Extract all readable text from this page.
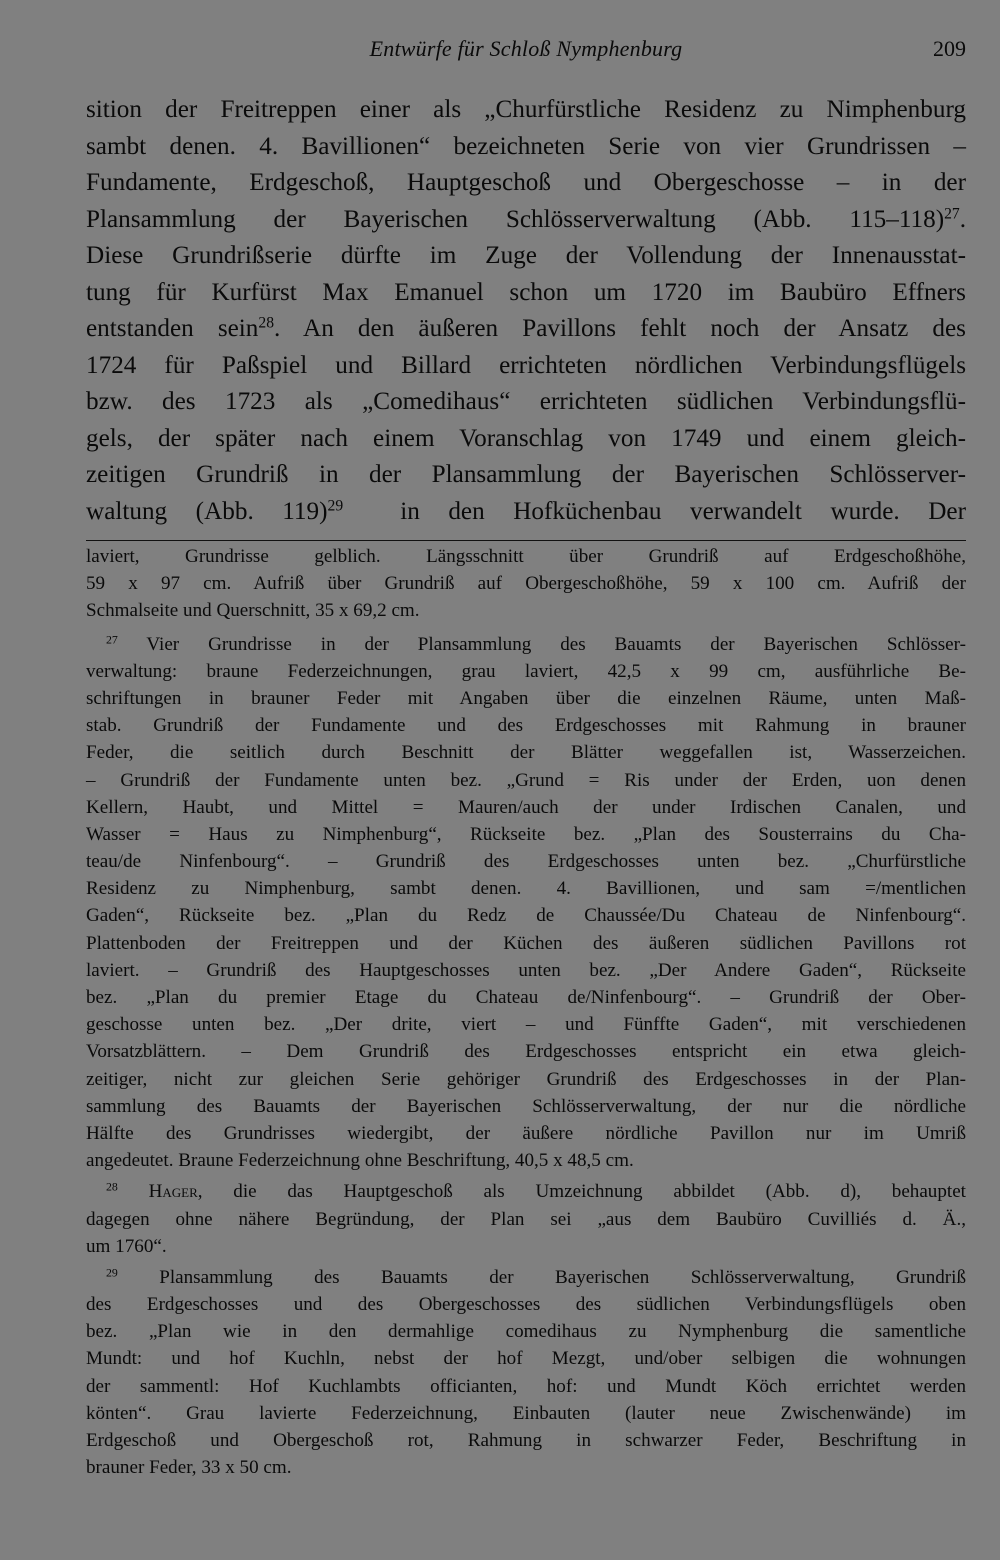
Entwürfe für Schloß Nymphenburg	209
sition der Freitreppen einer als „Churfürstliche Residenz zu Nimphenburg
sambt denen. 4. Bavillionen“ bezeichneten Serie von vier Grundrissen –
Fundamente, Erdgeschoß, Hauptgeschoß und Obergeschosse – in der
Plansammlung der Bayerischen Schlösserverwaltung (Abb. 115–118)$^{27}$.
Diese Grundrißserie dürfte im Zuge der Vollendung der Innenausstat-
tung für Kurfürst Max Emanuel schon um 1720 im Baubüro Effners
entstanden sein$^{28}$. An den äußeren Pavillons fehlt noch der Ansatz des
1724 für Paßspiel und Billard errichteten nördlichen Verbindungsflügels
bzw. des 1723 als „Comedihaus“ errichteten südlichen Verbindungsflü-
gels, der später nach einem Voranschlag von 1749 und einem gleich-
zeitigen Grundriß in der Plansammlung der Bayerischen Schlösserver-
waltung (Abb. 119)$^{29}$ in den Hofküchenbau verwandelt wurde. Der
laviert, Grundrisse gelblich. Längsschnitt über Grundriß auf Erdgeschoßhöhe,
59 x 97 cm. Aufriß über Grundriß auf Obergeschoßhöhe, 59 x 100 cm. Aufriß der
Schmalseite und Querschnitt, 35 x 69,2 cm.
$^{27}$ Vier Grundrisse in der Plansammlung des Bauamts der Bayerischen Schlösser-
verwaltung: braune Federzeichnungen, grau laviert, 42,5 x 99 cm, ausführliche Be-
schriftungen in brauner Feder mit Angaben über die einzelnen Räume, unten Maß-
stab. Grundriß der Fundamente und des Erdgeschosses mit Rahmung in brauner
Feder, die seitlich durch Beschnitt der Blätter weggefallen ist, Wasserzeichen.
– Grundriß der Fundamente unten bez. „Grund = Ris under der Erden, uon denen
Kellern, Haubt, und Mittel = Mauren/auch der under Irdischen Canalen, und
Wasser = Haus zu Nimphenburg“, Rückseite bez. „Plan des Sousterrains du Cha-
teau/de Ninfenbourg“. – Grundriß des Erdgeschosses unten bez. „Churfürstliche
Residenz zu Nimphenburg, sambt denen. 4. Bavillionen, und sam =/mentlichen
Gaden“, Rückseite bez. „Plan du Redz de Chaussée/Du Chateau de Ninfenbourg“.
Plattenboden der Freitreppen und der Küchen des äußeren südlichen Pavillons rot
laviert. – Grundriß des Hauptgeschosses unten bez. „Der Andere Gaden“, Rückseite
bez. „Plan du premier Etage du Chateau de/Ninfenbourg“. – Grundriß der Ober-
geschosse unten bez. „Der drite, viert – und Fünffte Gaden“, mit verschiedenen
Vorsatzblättern. – Dem Grundriß des Erdgeschosses entspricht ein etwa gleich-
zeitiger, nicht zur gleichen Serie gehöriger Grundriß des Erdgeschosses in der Plan-
sammlung des Bauamts der Bayerischen Schlösserverwaltung, der nur die nördliche
Hälfte des Grundrisses wiedergibt, der äußere nördliche Pavillon nur im Umriß
angedeutet. Braune Federzeichnung ohne Beschriftung, 40,5 x 48,5 cm.
$^{28}$ Hager, die das Hauptgeschoß als Umzeichnung abbildet (Abb. d), behauptet
dagegen ohne nähere Begründung, der Plan sei „aus dem Baubüro Cuvilliés d. Ä.,
um 1760“.
$^{29}$ Plansammlung des Bauamts der Bayerischen Schlösserverwaltung, Grundriß
des Erdgeschosses und des Obergeschosses des südlichen Verbindungsflügels oben
bez. „Plan wie in den dermahlige comedihaus zu Nymphenburg die samentliche
Mundt: und hof Kuchln, nebst der hof Mezgt, und/ober selbigen die wohnungen
der sammentl: Hof Kuchlambts officianten, hof: und Mundt Köch errichtet werden
könten“. Grau lavierte Federzeichnung, Einbauten (lauter neue Zwischenwände) im
Erdgeschoß und Obergeschoß rot, Rahmung in schwarzer Feder, Beschriftung in
brauner Feder, 33 x 50 cm.
